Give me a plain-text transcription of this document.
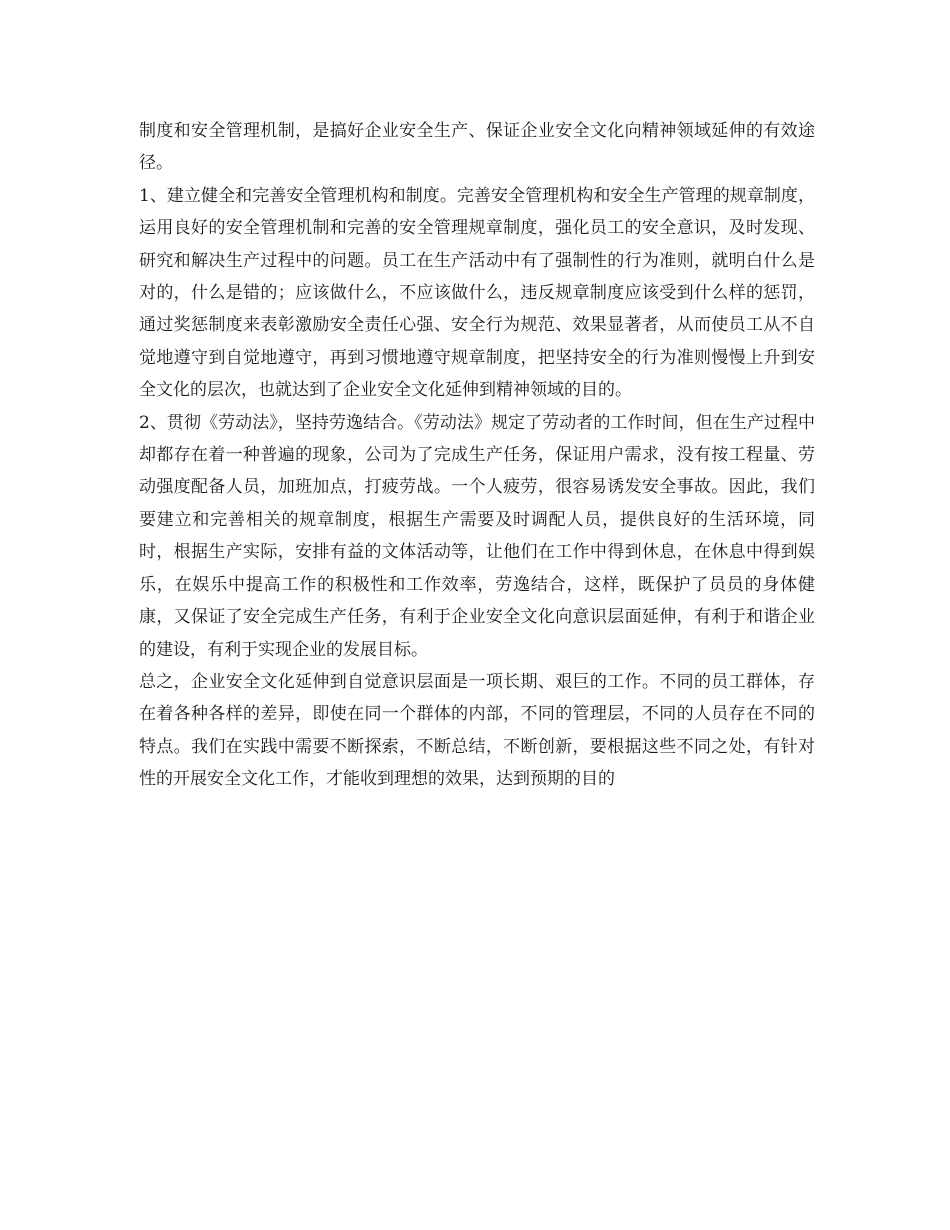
制度和安全管理机制，是搞好企业安全生产、保证企业安全文化向精神领域延伸的有效途径。

1、建立健全和完善安全管理机构和制度。完善安全管理机构和安全生产管理的规章制度，运用良好的安全管理机制和完善的安全管理规章制度，强化员工的安全意识，及时发现、研究和解决生产过程中的问题。员工在生产活动中有了强制性的行为准则，就明白什么是对的，什么是错的；应该做什么，不应该做什么，违反规章制度应该受到什么样的惩罚，通过奖惩制度来表彰激励安全责任心强、安全行为规范、效果显著者，从而使员工从不自觉地遵守到自觉地遵守，再到习惯地遵守规章制度，把坚持安全的行为准则慢慢上升到安全文化的层次，也就达到了企业安全文化延伸到精神领域的目的。

2、贯彻《劳动法》，坚持劳逸结合。《劳动法》规定了劳动者的工作时间，但在生产过程中却都存在着一种普遍的现象，公司为了完成生产任务，保证用户需求，没有按工程量、劳动强度配备人员，加班加点，打疲劳战。一个人疲劳，很容易诱发安全事故。因此，我们要建立和完善相关的规章制度，根据生产需要及时调配人员，提供良好的生活环境，同时，根据生产实际，安排有益的文体活动等，让他们在工作中得到休息，在休息中得到娱乐，在娱乐中提高工作的积极性和工作效率，劳逸结合，这样，既保护了员员的身体健康，又保证了安全完成生产任务，有利于企业安全文化向意识层面延伸，有利于和谐企业的建设，有利于实现企业的发展目标。

总之，企业安全文化延伸到自觉意识层面是一项长期、艰巨的工作。不同的员工群体，存在着各种各样的差异，即使在同一个群体的内部，不同的管理层，不同的人员存在不同的特点。我们在实践中需要不断探索，不断总结，不断创新，要根据这些不同之处，有针对性的开展安全文化工作，才能收到理想的效果，达到预期的目的
